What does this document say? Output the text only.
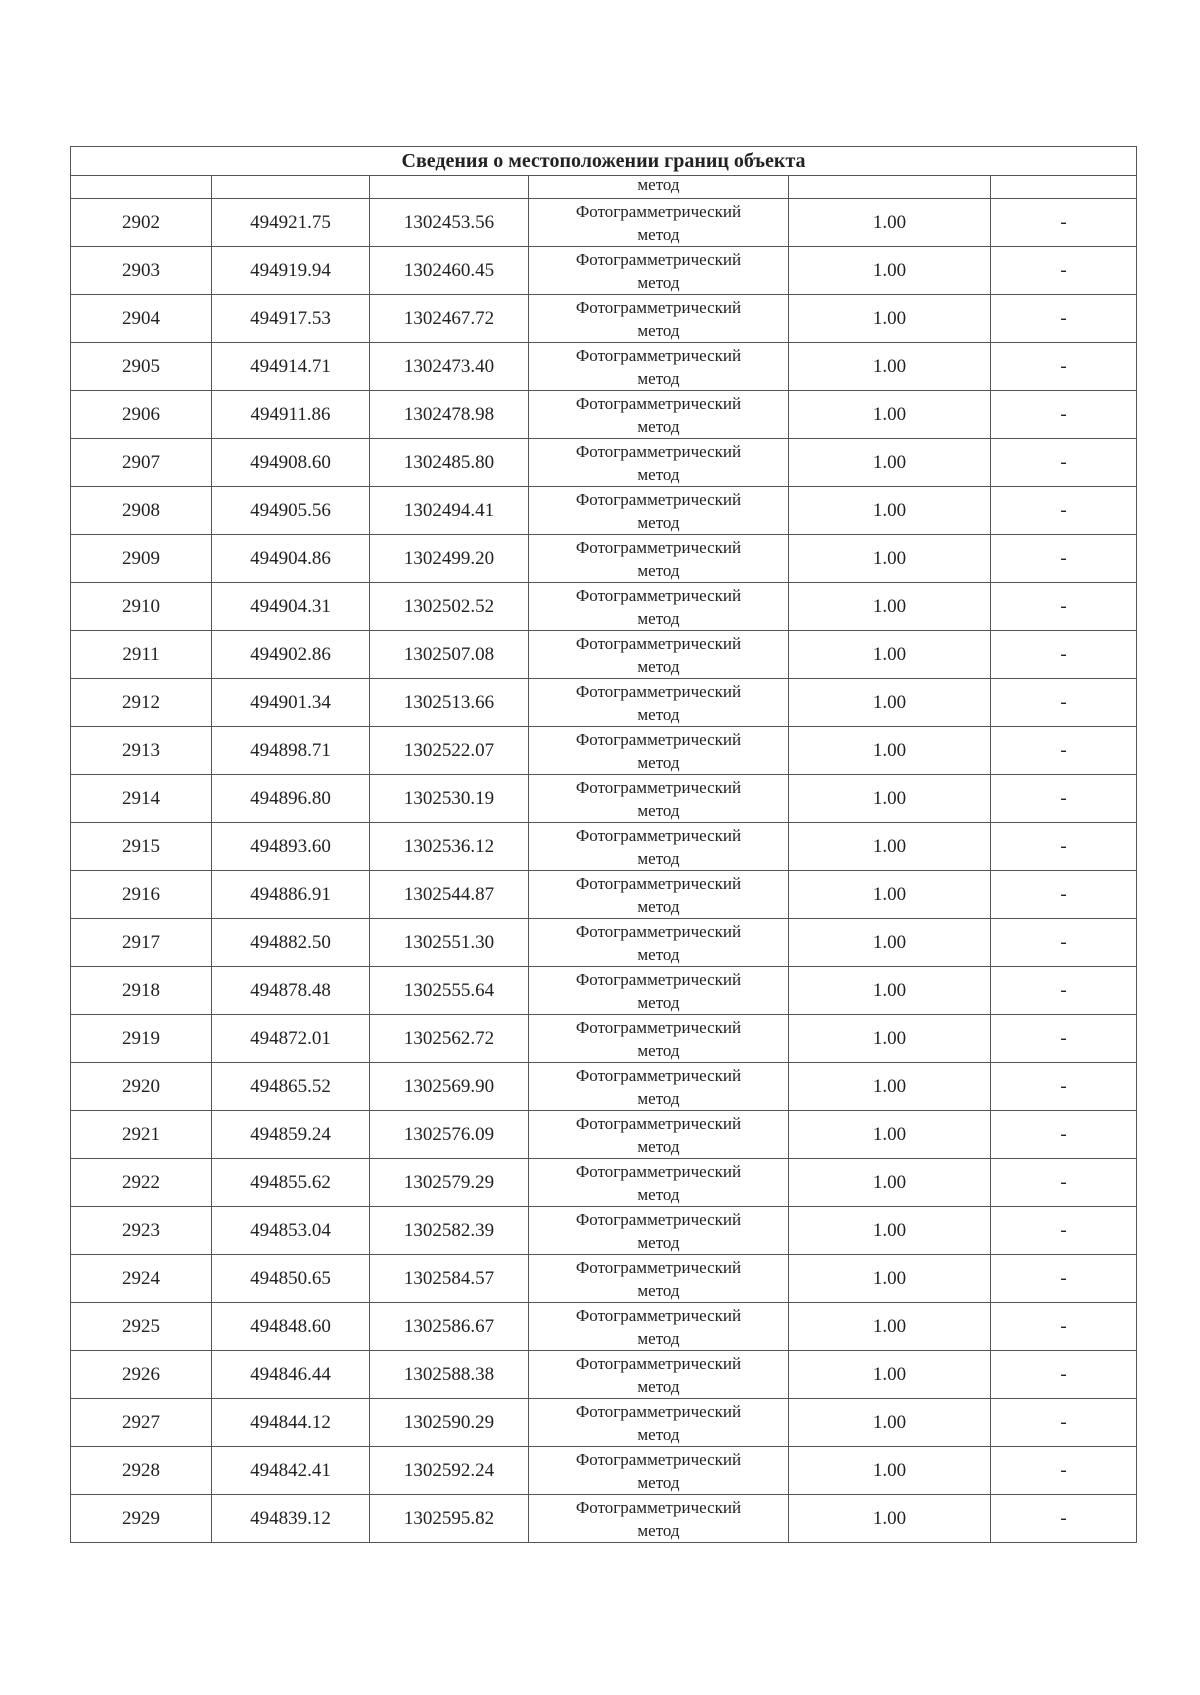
Сведения о местоположении границ объекта					
			метод		
2902	494921.75	1302453.56	Фотограмметрический
метод	1.00	-
2903	494919.94	1302460.45	Фотограмметрический
метод	1.00	-
2904	494917.53	1302467.72	Фотограмметрический
метод	1.00	-
2905	494914.71	1302473.40	Фотограмметрический
метод	1.00	-
2906	494911.86	1302478.98	Фотограмметрический
метод	1.00	-
2907	494908.60	1302485.80	Фотограмметрический
метод	1.00	-
2908	494905.56	1302494.41	Фотограмметрический
метод	1.00	-
2909	494904.86	1302499.20	Фотограмметрический
метод	1.00	-
2910	494904.31	1302502.52	Фотограмметрический
метод	1.00	-
2911	494902.86	1302507.08	Фотограмметрический
метод	1.00	-
2912	494901.34	1302513.66	Фотограмметрический
метод	1.00	-
2913	494898.71	1302522.07	Фотограмметрический
метод	1.00	-
2914	494896.80	1302530.19	Фотограмметрический
метод	1.00	-
2915	494893.60	1302536.12	Фотограмметрический
метод	1.00	-
2916	494886.91	1302544.87	Фотограмметрический
метод	1.00	-
2917	494882.50	1302551.30	Фотограмметрический
метод	1.00	-
2918	494878.48	1302555.64	Фотограмметрический
метод	1.00	-
2919	494872.01	1302562.72	Фотограмметрический
метод	1.00	-
2920	494865.52	1302569.90	Фотограмметрический
метод	1.00	-
2921	494859.24	1302576.09	Фотограмметрический
метод	1.00	-
2922	494855.62	1302579.29	Фотограмметрический
метод	1.00	-
2923	494853.04	1302582.39	Фотограмметрический
метод	1.00	-
2924	494850.65	1302584.57	Фотограмметрический
метод	1.00	-
2925	494848.60	1302586.67	Фотограмметрический
метод	1.00	-
2926	494846.44	1302588.38	Фотограмметрический
метод	1.00	-
2927	494844.12	1302590.29	Фотограмметрический
метод	1.00	-
2928	494842.41	1302592.24	Фотограмметрический
метод	1.00	-
2929	494839.12	1302595.82	Фотограмметрический
метод	1.00	-
